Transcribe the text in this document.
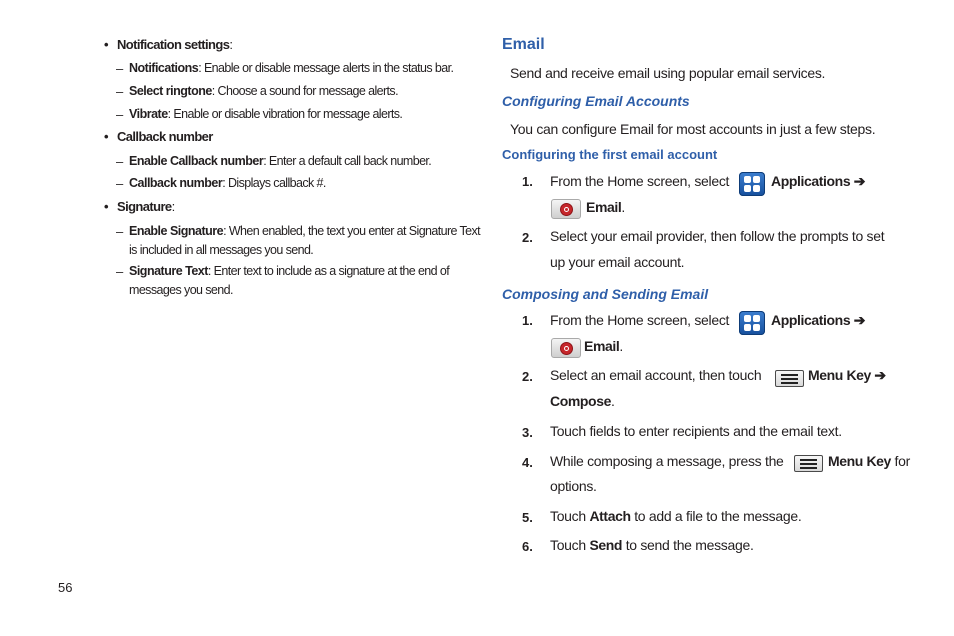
• Notification settings:
– Notifications: Enable or disable message alerts in the status bar.
– Select ringtone: Choose a sound for message alerts.
– Vibrate: Enable or disable vibration for message alerts.
• Callback number
– Enable Callback number: Enter a default call back number.
– Callback number: Displays callback #.
• Signature:
– Enable Signature: When enabled, the text you enter at Signature Text
is included in all messages you send.
– Signature Text: Enter text to include as a signature at the end of
messages you send.
Email
Send and receive email using popular email services.
Configuring Email Accounts
You can configure Email for most accounts in just a few steps.
Configuring the first email account
1. From the Home screen, select	Applications ➔
Email.
2. Select your email provider, then follow the prompts to set
up your email account.
Composing and Sending Email
1. From the Home screen, select	Applications ➔
Email.
2. Select an email account, then touch	Menu Key ➔
Compose.
3. Touch fields to enter recipients and the email text.
4. While composing a message, press the	Menu Key for
options.
5. Touch Attach to add a file to the message.
6. Touch Send to send the message.
56
